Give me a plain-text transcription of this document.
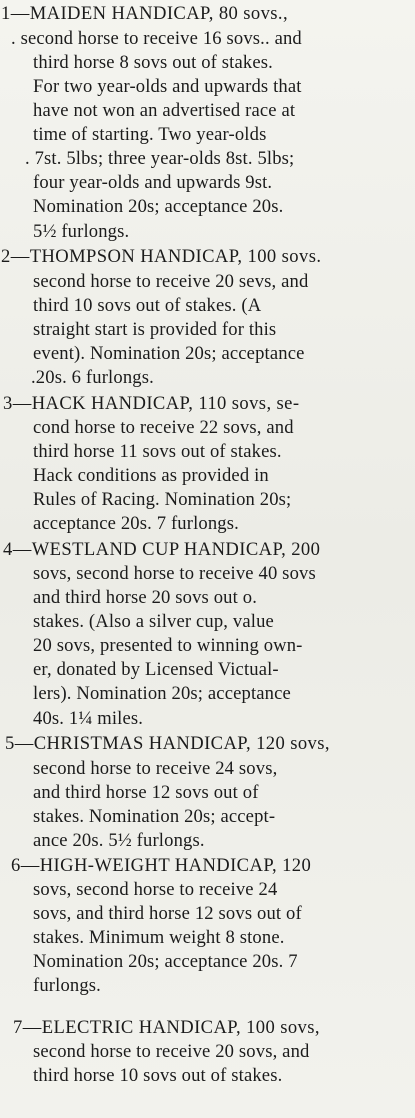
1—MAIDEN HANDICAP, 80 sovs.,
. second horse to receive 16 sovs.. and
third horse 8 sovs out of stakes.
For two year-olds and upwards that
have not won an advertised race at
time of starting. Two year-olds
. 7st. 5lbs; three year-olds 8st. 5lbs;
four year-olds and upwards 9st.
Nomination 20s; acceptance 20s.
5½ furlongs.
2—THOMPSON HANDICAP, 100 sovs.
second horse to receive 20 sevs, and
third 10 sovs out of stakes. (A
straight start is provided for this
event). Nomination 20s; acceptance
.20s. 6 furlongs.
3—HACK HANDICAP, 110 sovs, se-
cond horse to receive 22 sovs, and
third horse 11 sovs out of stakes.
Hack conditions as provided in
Rules of Racing. Nomination 20s;
acceptance 20s. 7 furlongs.
4—WESTLAND CUP HANDICAP, 200
sovs, second horse to receive 40 sovs
and third horse 20 sovs out o.
stakes. (Also a silver cup, value
20 sovs, presented to winning own-
er, donated by Licensed Victual-
lers). Nomination 20s; acceptance
40s. 1¼ miles.
5—CHRISTMAS HANDICAP, 120 sovs,
second horse to receive 24 sovs,
and third horse 12 sovs out of
stakes. Nomination 20s; accept-
ance 20s. 5½ furlongs.
6—HIGH-WEIGHT HANDICAP, 120
sovs, second horse to receive 24
sovs, and third horse 12 sovs out of
stakes. Minimum weight 8 stone.
Nomination 20s; acceptance 20s. 7
furlongs.
7—ELECTRIC HANDICAP, 100 sovs,
second horse to receive 20 sovs, and
third horse 10 sovs out of stakes.
